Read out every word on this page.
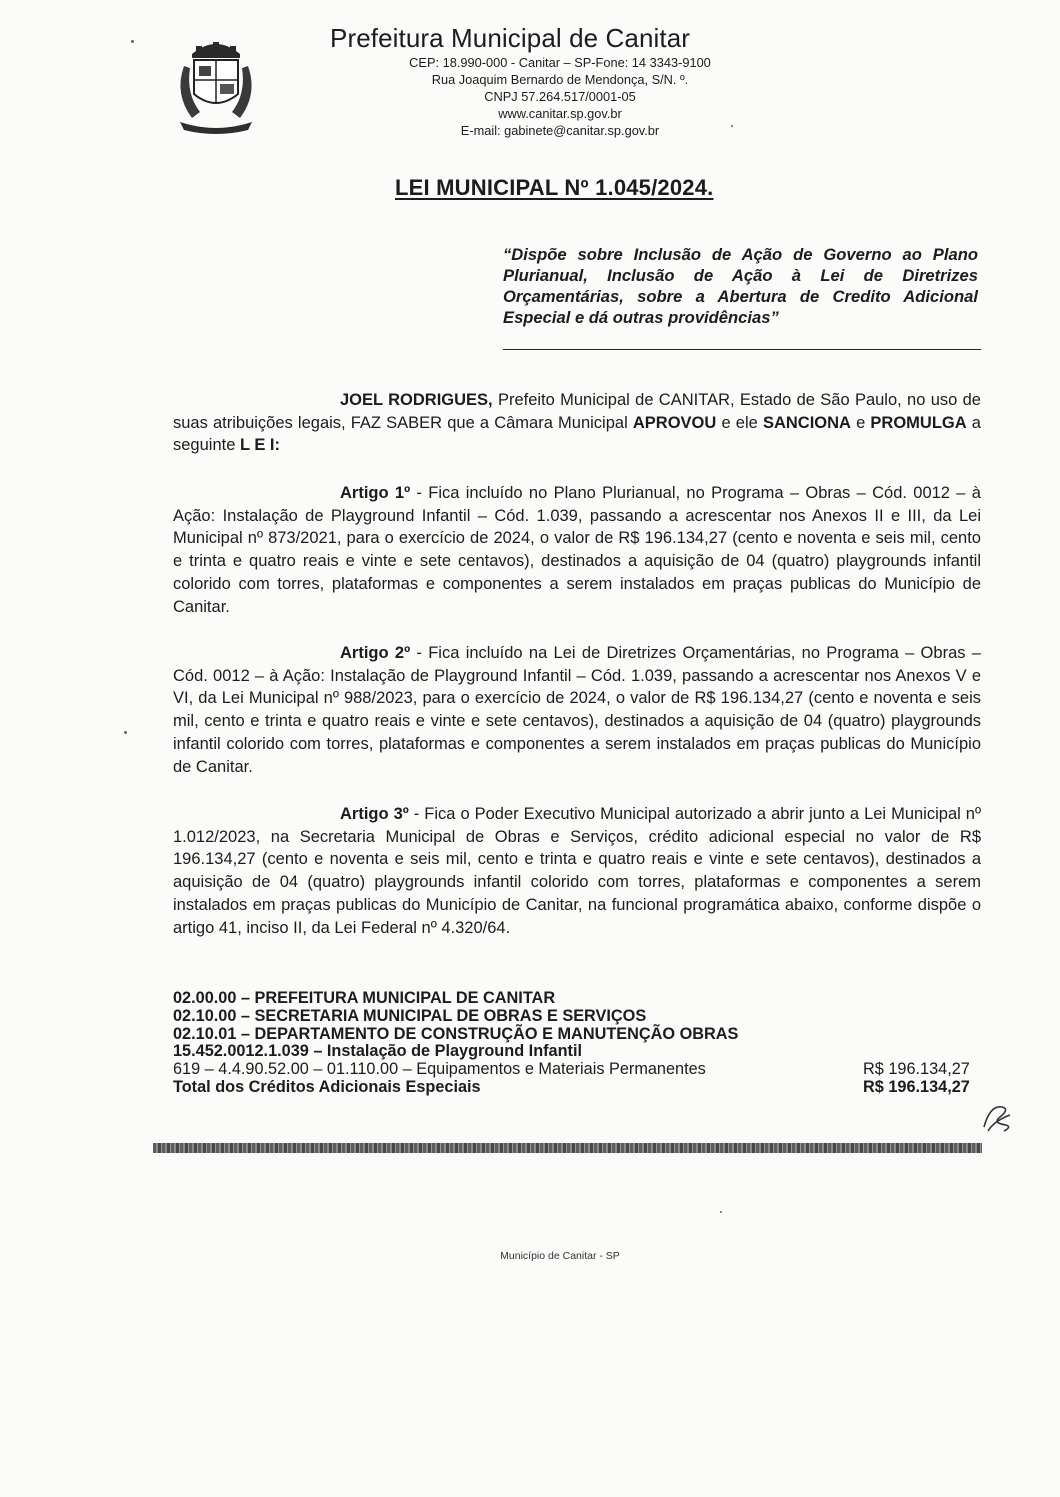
Prefeitura Municipal de Canitar
CEP: 18.990-000 - Canitar – SP-Fone: 14 3343-9100
Rua Joaquim Bernardo de Mendonça, S/N. º.
CNPJ 57.264.517/0001-05
www.canitar.sp.gov.br
E-mail: gabinete@canitar.sp.gov.br
LEI MUNICIPAL Nº 1.045/2024.
“Dispõe sobre Inclusão de Ação de Governo ao Plano Plurianual, Inclusão de Ação à Lei de Diretrizes Orçamentárias, sobre a Abertura de Credito Adicional Especial e dá outras providências”
JOEL RODRIGUES, Prefeito Municipal de CANITAR, Estado de São Paulo, no uso de suas atribuições legais, FAZ SABER que a Câmara Municipal APROVOU e ele SANCIONA e PROMULGA a seguinte L E I:
Artigo 1º - Fica incluído no Plano Plurianual, no Programa – Obras – Cód. 0012 – à Ação: Instalação de Playground Infantil – Cód. 1.039, passando a acrescentar nos Anexos II e III, da Lei Municipal nº 873/2021, para o exercício de 2024, o valor de R$ 196.134,27 (cento e noventa e seis mil, cento e trinta e quatro reais e vinte e sete centavos), destinados a aquisição de 04 (quatro) playgrounds infantil colorido com torres, plataformas e componentes a serem instalados em praças publicas do Município de Canitar.
Artigo 2º - Fica incluído na Lei de Diretrizes Orçamentárias, no Programa – Obras – Cód. 0012 – à Ação: Instalação de Playground Infantil – Cód. 1.039, passando a acrescentar nos Anexos V e VI, da Lei Municipal nº 988/2023, para o exercício de 2024, o valor de R$ 196.134,27 (cento e noventa e seis mil, cento e trinta e quatro reais e vinte e sete centavos), destinados a aquisição de 04 (quatro) playgrounds infantil colorido com torres, plataformas e componentes a serem instalados em praças publicas do Município de Canitar.
Artigo 3º - Fica o Poder Executivo Municipal autorizado a abrir junto a Lei Municipal nº 1.012/2023, na Secretaria Municipal de Obras e Serviços, crédito adicional especial no valor de R$ 196.134,27 (cento e noventa e seis mil, cento e trinta e quatro reais e vinte e sete centavos), destinados a aquisição de 04 (quatro) playgrounds infantil colorido com torres, plataformas e componentes a serem instalados em praças publicas do Município de Canitar, na funcional programática abaixo, conforme dispõe o artigo 41, inciso II, da Lei Federal nº 4.320/64.
02.00.00 – PREFEITURA MUNICIPAL DE CANITAR
02.10.00 – SECRETARIA MUNICIPAL DE OBRAS E SERVIÇOS
02.10.01 – DEPARTAMENTO DE CONSTRUÇÃO E MANUTENÇÃO OBRAS
15.452.0012.1.039 – Instalação de Playground Infantil
619 – 4.4.90.52.00 – 01.110.00 – Equipamentos e Materiais Permanentes	R$ 196.134,27
Total dos Créditos Adicionais Especiais	R$ 196.134,27
Município de Canitar - SP
